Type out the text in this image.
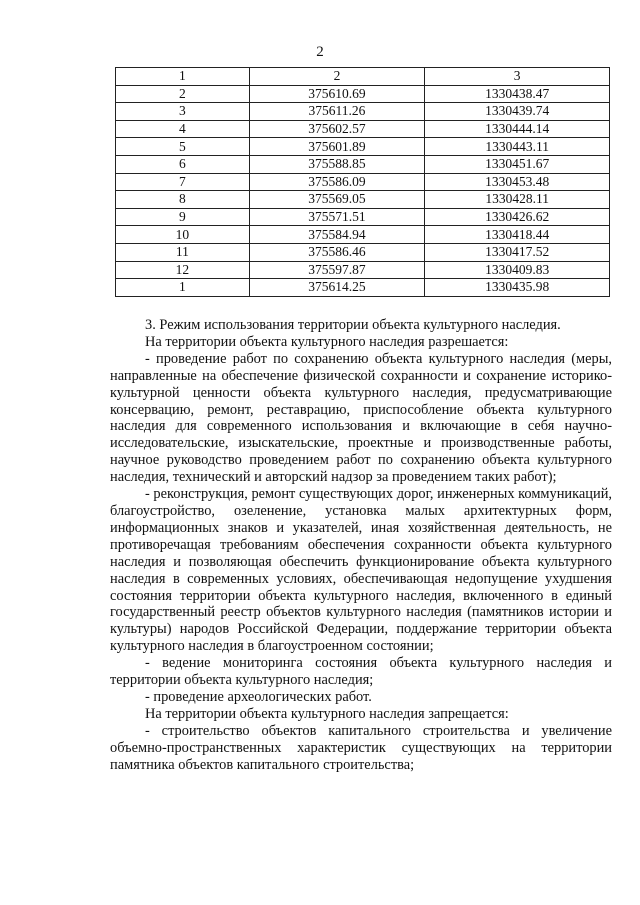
2
1	2	3
2	375610.69	1330438.47
3	375611.26	1330439.74
4	375602.57	1330444.14
5	375601.89	1330443.11
6	375588.85	1330451.67
7	375586.09	1330453.48
8	375569.05	1330428.11
9	375571.51	1330426.62
10	375584.94	1330418.44
11	375586.46	1330417.52
12	375597.87	1330409.83
1	375614.25	1330435.98

3. Режим использования территории объекта культурного наследия.

На территории объекта культурного наследия разрешается:

- проведение работ по сохранению объекта культурного наследия (меры, направленные на обеспечение физической сохранности и сохранение историко-культурной ценности объекта культурного наследия, предусматривающие консервацию, ремонт, реставрацию, приспособление объекта культурного наследия для современного использования и включающие в себя научно-исследовательские, изыскательские, проектные и производственные работы, научное руководство проведением работ по сохранению объекта культурного наследия, технический и авторский надзор за проведением таких работ);

- реконструкция, ремонт существующих дорог, инженерных коммуникаций, благоустройство, озеленение, установка малых архитектурных форм, информационных знаков и указателей, иная хозяйственная деятельность, не противоречащая требованиям обеспечения сохранности объекта культурного наследия и позволяющая обеспечить функционирование объекта культурного наследия в современных условиях, обеспечивающая недопущение ухудшения состояния территории объекта культурного наследия, включенного в единый государственный реестр объектов культурного наследия (памятников истории и культуры) народов Российской Федерации, поддержание территории объекта культурного наследия в благоустроенном состоянии;

- ведение мониторинга состояния объекта культурного наследия и территории объекта культурного наследия;

- проведение археологических работ.

На территории объекта культурного наследия запрещается:

- строительство объектов капитального строительства и увеличение объемно-пространственных характеристик существующих на территории памятника объектов капитального строительства;
